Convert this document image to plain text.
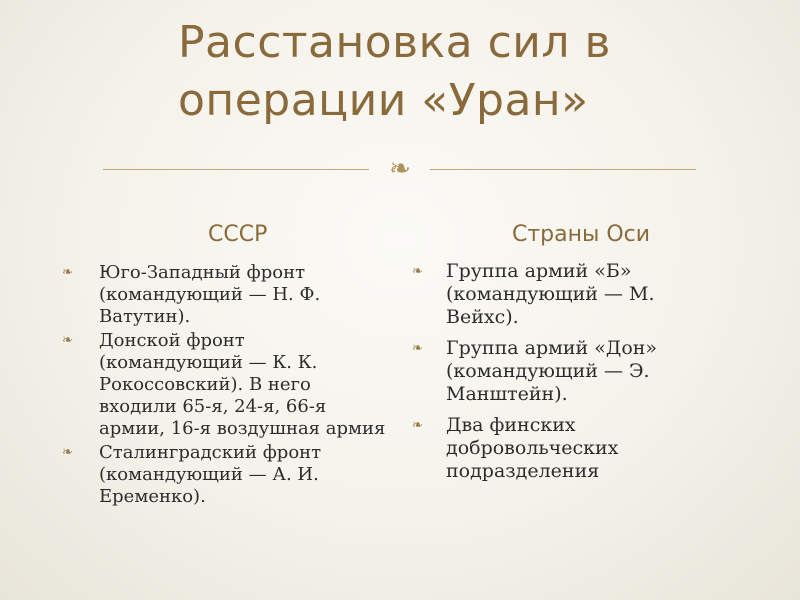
Расстановка сил в
операции «Уран»
❧
СССР	Страны Оси
❧ Юго-Западный фронт (командующий — Н. Ф. Ватутин).
❧ Донской фронт (командующий — К. К. Рокоссовский). В него входили 65-я, 24-я, 66-я армии, 16-я воздушная армия
❧ Сталинградский фронт (командующий — А. И. Еременко).
❧ Группа армий «Б» (командующий — М. Вейхс).
❧ Группа армий «Дон» (командующий — Э. Манштейн).
❧ Два финских добровольческих подразделения
